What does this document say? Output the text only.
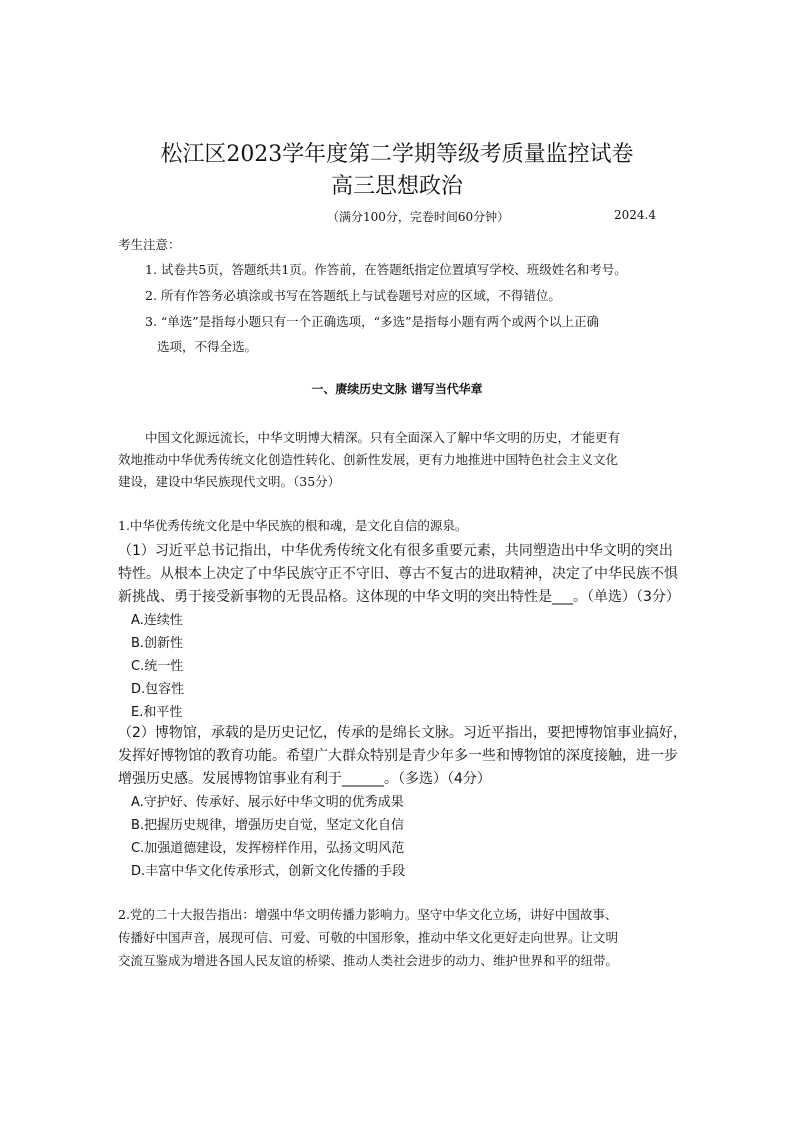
松江区2023学年度第二学期等级考质量监控试卷
高三思想政治
（满分100分，完卷时间60分钟）	2024.4
考生注意：
1. 试卷共5页，答题纸共1页。作答前，在答题纸指定位置填写学校、班级姓名和考号。
2. 所有作答务必填涂或书写在答题纸上与试卷题号对应的区域，不得错位。
3. “单选”是指每小题只有一个正确选项，“多选”是指每小题有两个或两个以上正确
选项，不得全选。
一、赓续历史文脉 谱写当代华章
中国文化源远流长，中华文明博大精深。只有全面深入了解中华文明的历史，才能更有
效地推动中华优秀传统文化创造性转化、创新性发展，更有力地推进中国特色社会主义文化
建设，建设中华民族现代文明。（35分）
1.中华优秀传统文化是中华民族的根和魂，是文化自信的源泉。
（1）习近平总书记指出，中华优秀传统文化有很多重要元素，共同塑造出中华文明的突出
特性。从根本上决定了中华民族守正不守旧、尊古不复古的进取精神，决定了中华民族不惧
新挑战、勇于接受新事物的无畏品格。这体现的中华文明的突出特性是___。（单选）（3分）
A.连续性
B.创新性
C.统一性
D.包容性
E.和平性
（2）博物馆，承载的是历史记忆，传承的是绵长文脉。习近平指出，要把博物馆事业搞好，
发挥好博物馆的教育功能。希望广大群众特别是青少年多一些和博物馆的深度接触，进一步
增强历史感。发展博物馆事业有利于______。（多选）（4分）
A.守护好、传承好、展示好中华文明的优秀成果
B.把握历史规律，增强历史自觉，坚定文化自信
C.加强道德建设，发挥榜样作用，弘扬文明风范
D.丰富中华文化传承形式，创新文化传播的手段
2.党的二十大报告指出：增强中华文明传播力影响力。坚守中华文化立场，讲好中国故事、
传播好中国声音，展现可信、可爱、可敬的中国形象，推动中华文化更好走向世界。让文明
交流互鉴成为增进各国人民友谊的桥梁、推动人类社会进步的动力、维护世界和平的纽带。
